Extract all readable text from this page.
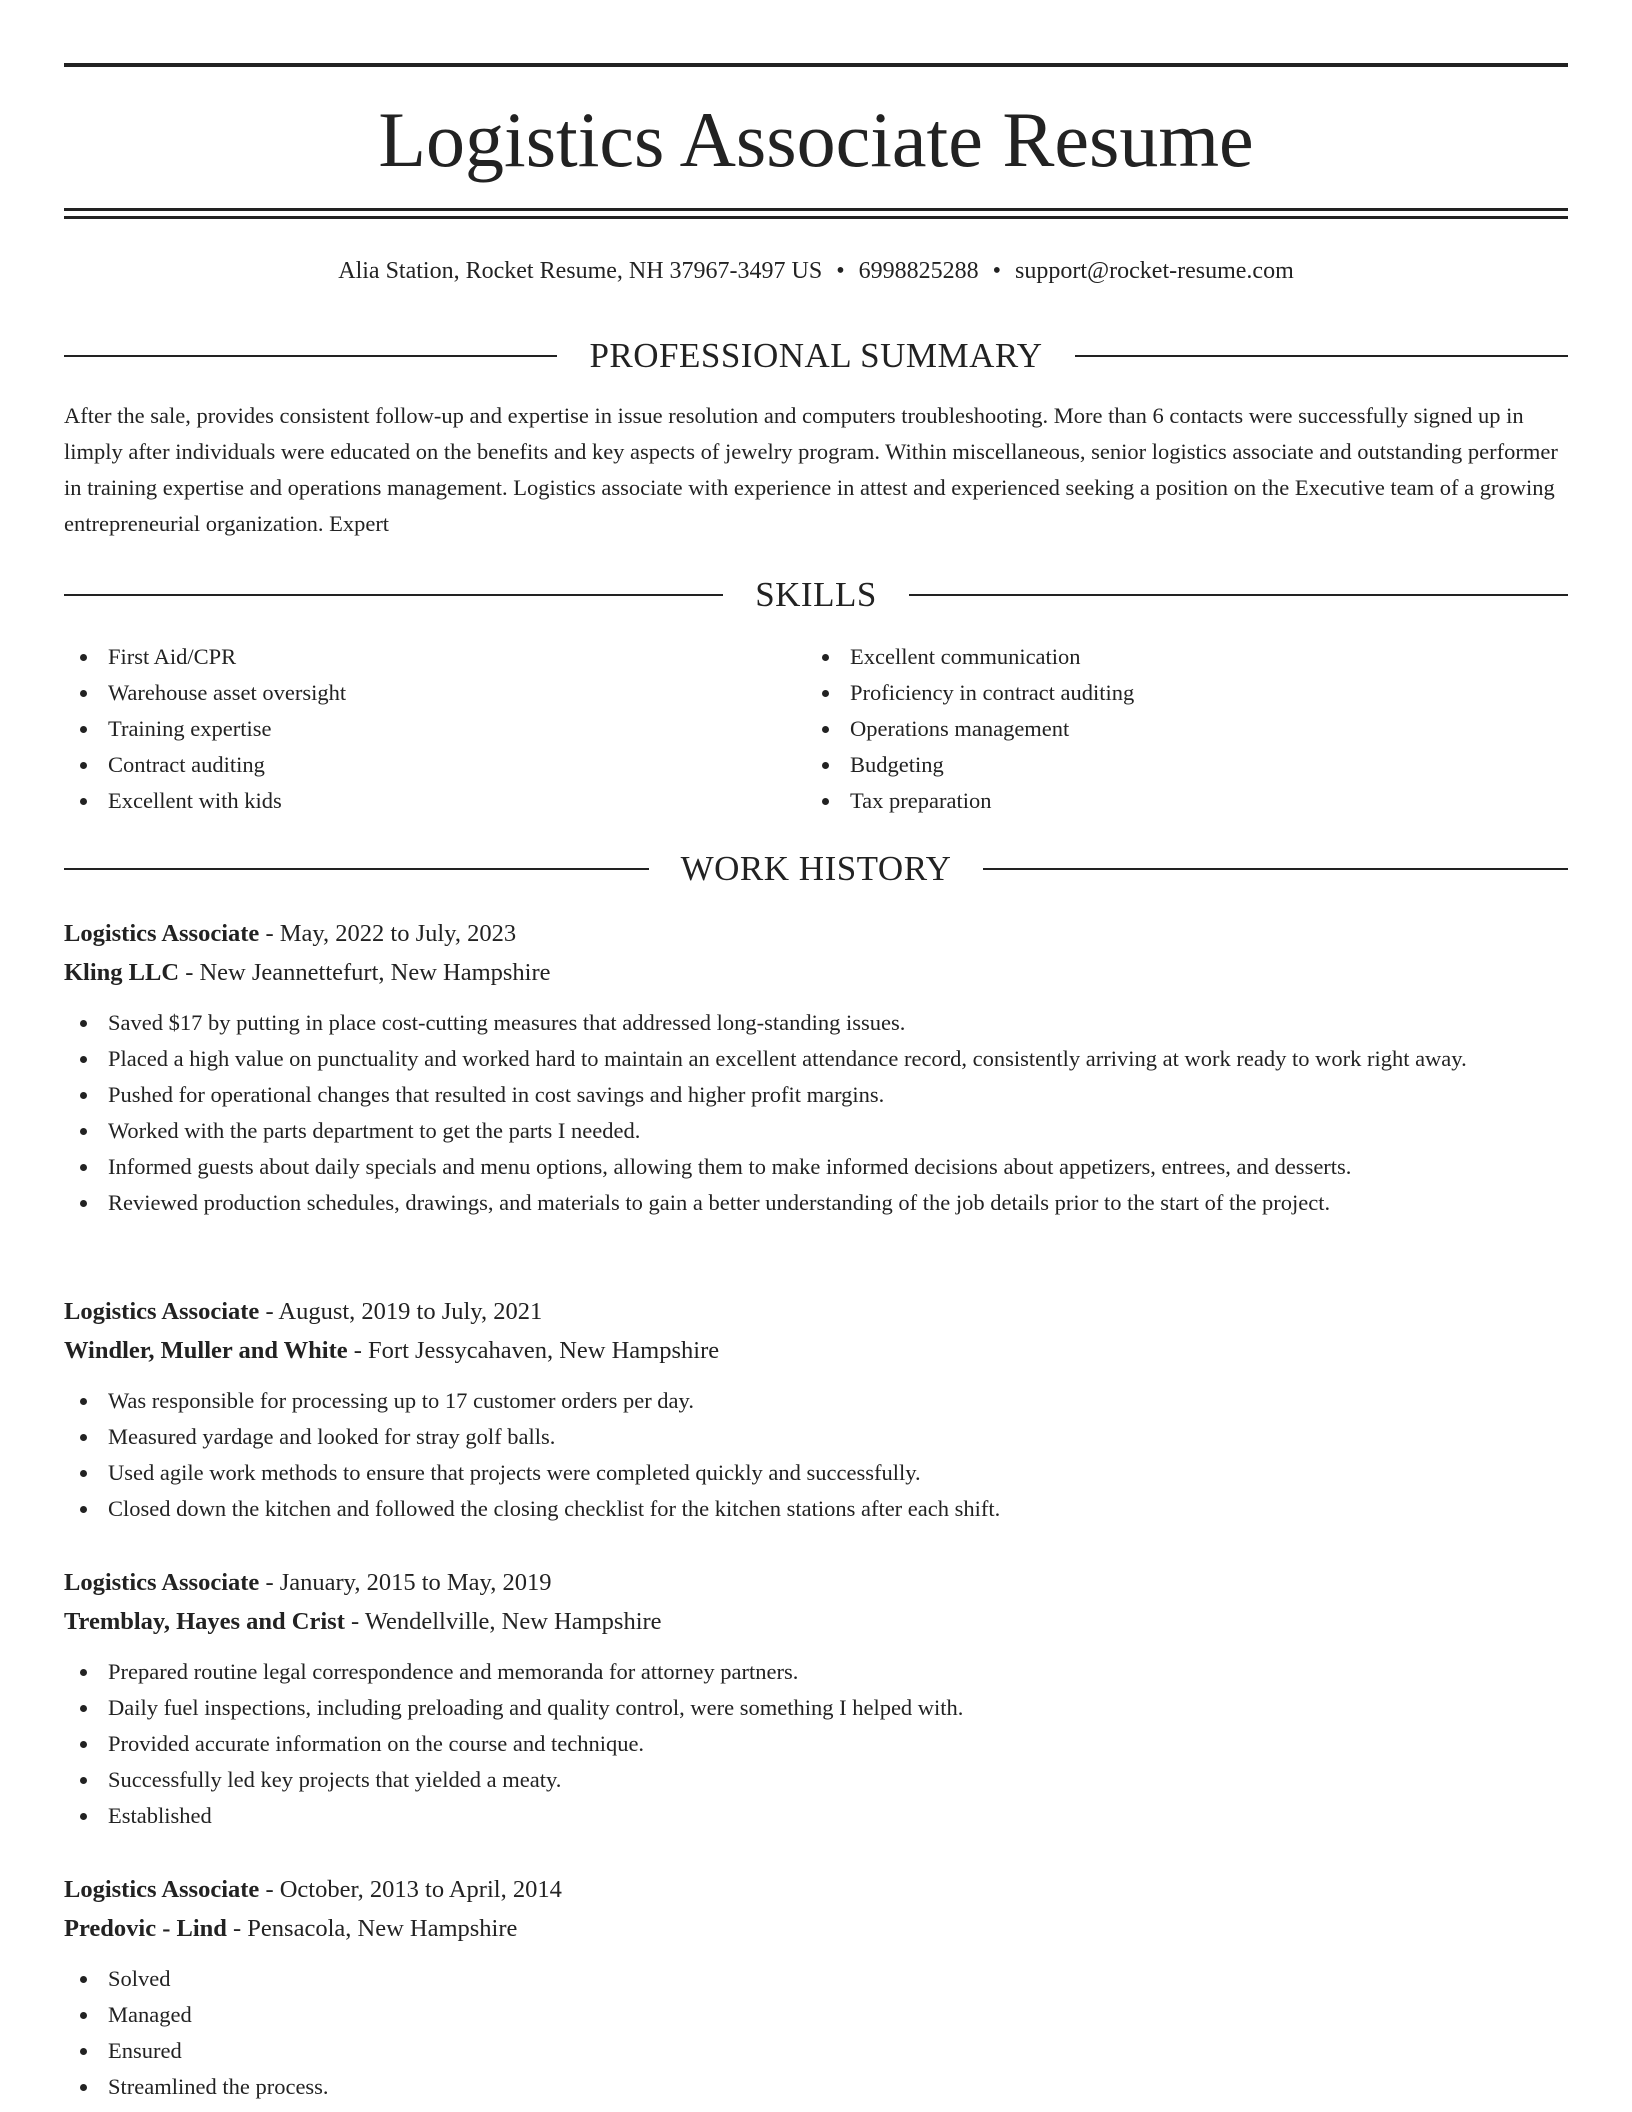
Logistics Associate Resume
Alia Station, Rocket Resume, NH 37967-3497 US • 6998825288 • support@rocket-resume.com
PROFESSIONAL SUMMARY

After the sale, provides consistent follow-up and expertise in issue resolution and computers troubleshooting. More than 6 contacts were successfully signed up in limply after individuals were educated on the benefits and key aspects of jewelry program. Within miscellaneous, senior logistics associate and outstanding performer in training expertise and operations management. Logistics associate with experience in attest and experienced seeking a position on the Executive team of a growing entrepreneurial organization. Expert

SKILLS
First Aid/CPR
Warehouse asset oversight
Training expertise
Contract auditing
Excellent with kids
Excellent communication
Proficiency in contract auditing
Operations management
Budgeting
Tax preparation
WORK HISTORY
Logistics Associate - May, 2022 to July, 2023
Kling LLC - New Jeannettefurt, New Hampshire
Saved $17 by putting in place cost-cutting measures that addressed long-standing issues.
Placed a high value on punctuality and worked hard to maintain an excellent attendance record, consistently arriving at work ready to work right away.
Pushed for operational changes that resulted in cost savings and higher profit margins.
Worked with the parts department to get the parts I needed.
Informed guests about daily specials and menu options, allowing them to make informed decisions about appetizers, entrees, and desserts.
Reviewed production schedules, drawings, and materials to gain a better understanding of the job details prior to the start of the project.
Logistics Associate - August, 2019 to July, 2021
Windler, Muller and White - Fort Jessycahaven, New Hampshire
Was responsible for processing up to 17 customer orders per day.
Measured yardage and looked for stray golf balls.
Used agile work methods to ensure that projects were completed quickly and successfully.
Closed down the kitchen and followed the closing checklist for the kitchen stations after each shift.
Logistics Associate - January, 2015 to May, 2019
Tremblay, Hayes and Crist - Wendellville, New Hampshire
Prepared routine legal correspondence and memoranda for attorney partners.
Daily fuel inspections, including preloading and quality control, were something I helped with.
Provided accurate information on the course and technique.
Successfully led key projects that yielded a meaty.
Established
Logistics Associate - October, 2013 to April, 2014
Predovic - Lind - Pensacola, New Hampshire
Solved
Managed
Ensured
Streamlined the process.
